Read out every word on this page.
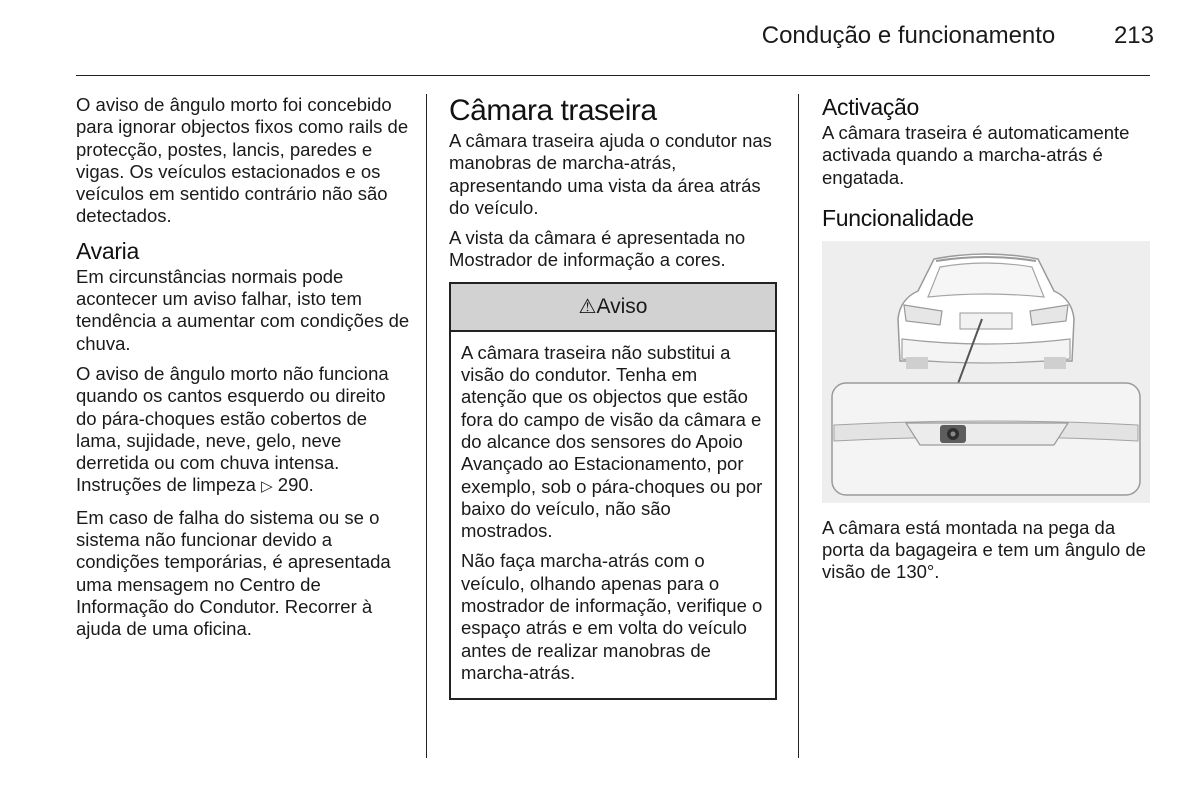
Condução e funcionamento 213

O aviso de ângulo morto foi concebido para ignorar objectos fixos como rails de protecção, postes, lancis, paredes e vigas. Os veículos estacionados e os veículos em sentido contrário não são detectados.

Avaria

Em circunstâncias normais pode acontecer um aviso falhar, isto tem tendência a aumentar com condições de chuva.

O aviso de ângulo morto não funciona quando os cantos esquerdo ou direito do pára-choques estão cobertos de lama, sujidade, neve, gelo, neve derretida ou com chuva intensa. Instruções de limpeza ▷ 290.

Em caso de falha do sistema ou se o sistema não funcionar devido a condições temporárias, é apresentada uma mensagem no Centro de Informação do Condutor. Recorrer à ajuda de uma oficina.

Câmara traseira

A câmara traseira ajuda o condutor nas manobras de marcha-atrás, apresentando uma vista da área atrás do veículo.

A vista da câmara é apresentada no Mostrador de informação a cores.

⚠Aviso

A câmara traseira não substitui a visão do condutor. Tenha em atenção que os objectos que estão fora do campo de visão da câmara e do alcance dos sensores do Apoio Avançado ao Estacionamento, por exemplo, sob o pára-choques ou por baixo do veículo, não são mostrados.

Não faça marcha-atrás com o veículo, olhando apenas para o mostrador de informação, verifique o espaço atrás e em volta do veículo antes de realizar manobras de marcha-atrás.

Activação

A câmara traseira é automaticamente activada quando a marcha-atrás é engatada.

Funcionalidade

A câmara está montada na pega da porta da bagageira e tem um ângulo de visão de 130°.
